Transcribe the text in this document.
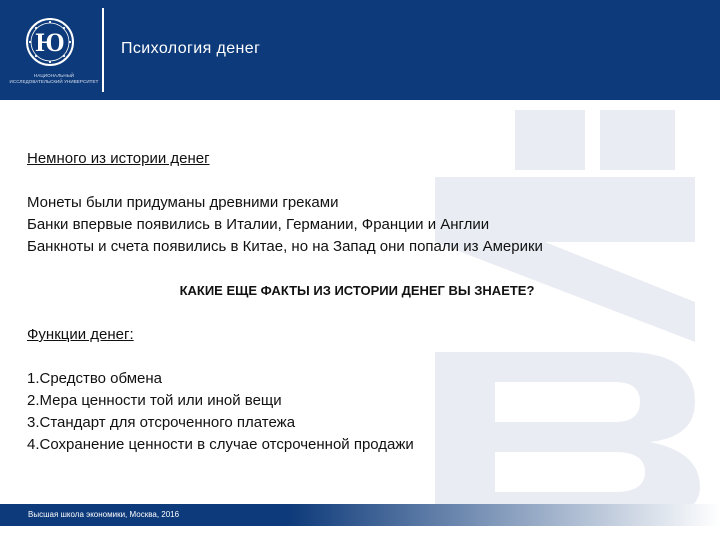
Ю
НАЦИОНАЛЬНЫЙ ИССЛЕДОВАТЕЛЬСКИЙ УНИВЕРСИТЕТ
Психология денег
Немного из истории денег
Монеты были придуманы древними греками
Банки впервые появились в Италии, Германии, Франции и Англии
Банкноты и счета появились в Китае, но на Запад они попали из Америки
КАКИЕ ЕЩЕ ФАКТЫ ИЗ ИСТОРИИ ДЕНЕГ ВЫ ЗНАЕТЕ?
Функции денег:
1.Средство обмена
2.Мера ценности той или иной вещи
3.Стандарт для отсроченного платежа
4.Сохранение ценности в случае отсроченной продажи
Высшая школа экономики, Москва, 2016
